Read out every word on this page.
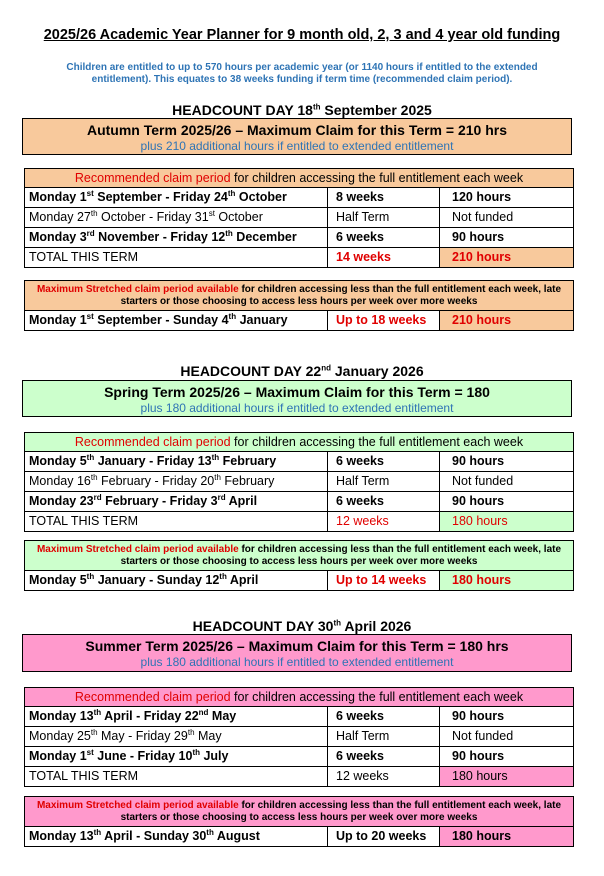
2025/26 Academic Year Planner for 9 month old, 2, 3 and 4 year old funding
Children are entitled to up to 570 hours per academic year (or 1140 hours if entitled to the extended entitlement). This equates to 38 weeks funding if term time (recommended claim period).
HEADCOUNT DAY 18th September 2025
Autumn Term 2025/26 – Maximum Claim for this Term = 210 hrs
plus 210 additional hours if entitled to extended entitlement
Recommended claim period for children accessing the full entitlement each week
Monday 1st September - Friday 24th October	8 weeks	120 hours
Monday 27th October - Friday 31st October	Half Term	Not funded
Monday 3rd November - Friday 12th December	6 weeks	90 hours
TOTAL THIS TERM	14 weeks	210 hours
Maximum Stretched claim period available for children accessing less than the full entitlement each week, late starters or those choosing to access less hours per week over more weeks
Monday 1st September - Sunday 4th January	Up to 18 weeks	210 hours
HEADCOUNT DAY 22nd January 2026
Spring Term 2025/26 – Maximum Claim for this Term = 180
plus 180 additional hours if entitled to extended entitlement
Recommended claim period for children accessing the full entitlement each week
Monday 5th January - Friday 13th February	6 weeks	90 hours
Monday 16th February - Friday 20th February	Half Term	Not funded
Monday 23rd February - Friday 3rd April	6 weeks	90 hours
TOTAL THIS TERM	12 weeks	180 hours
Maximum Stretched claim period available for children accessing less than the full entitlement each week, late starters or those choosing to access less hours per week over more weeks
Monday 5th January - Sunday 12th April	Up to 14 weeks	180 hours
HEADCOUNT DAY 30th April 2026
Summer Term 2025/26 – Maximum Claim for this Term = 180 hrs
plus 180 additional hours if entitled to extended entitlement
Recommended claim period for children accessing the full entitlement each week
Monday 13th April - Friday 22nd May	6 weeks	90 hours
Monday 25th May - Friday 29th May	Half Term	Not funded
Monday 1st June - Friday 10th July	6 weeks	90 hours
TOTAL THIS TERM	12 weeks	180 hours
Maximum Stretched claim period available for children accessing less than the full entitlement each week, late starters or those choosing to access less hours per week over more weeks
Monday 13th April - Sunday 30th August	Up to 20 weeks	180 hours
